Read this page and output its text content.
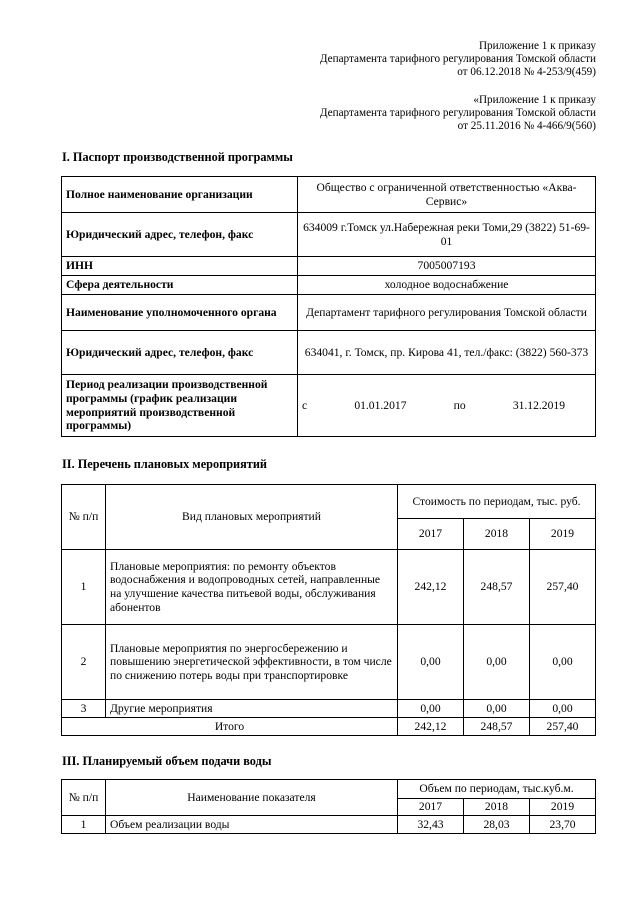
Приложение 1 к приказу
Департамента тарифного регулирования Томской области
от 06.12.2018 № 4-253/9(459)
«Приложение 1 к приказу
Департамента тарифного регулирования Томской области
от 25.11.2016 № 4-466/9(560)
I. Паспорт производственной программы
Полное наименование организации	Общество с ограниченной ответственностью «Аква-Сервис»
Юридический адрес, телефон, факс	634009 г.Томск ул.Набережная реки Томи,29 (3822) 51-69-01
ИНН	7005007193
Сфера деятельности	холодное водоснабжение
Наименование уполномоченного органа	Департамент тарифного регулирования Томской области
Юридический адрес, телефон, факс	634041, г. Томск, пр. Кирова 41, тел./факс: (3822) 560-373
Период реализации производственной программы (график реализации мероприятий производственной программы)	с 01.01.2017 по 31.12.2019
II. Перечень плановых мероприятий
№ п/п	Вид плановых мероприятий	Стоимость по периодам, тыс. руб.		
		2017	2018	2019
1	Плановые мероприятия: по ремонту объектов водоснабжения и водопроводных сетей, направленные на улучшение качества питьевой воды, обслуживания абонентов	242,12	248,57	257,40
2	Плановые мероприятия по энергосбережению и повышению энергетической эффективности, в том числе по снижению потерь воды при транспортировке	0,00	0,00	0,00
3	Другие мероприятия	0,00	0,00	0,00
Итого		242,12	248,57	257,40
III. Планируемый объем подачи воды
№ п/п	Наименование показателя	Объем по периодам, тыс.куб.м.		
		2017	2018	2019
1	Объем реализации воды	32,43	28,03	23,70
